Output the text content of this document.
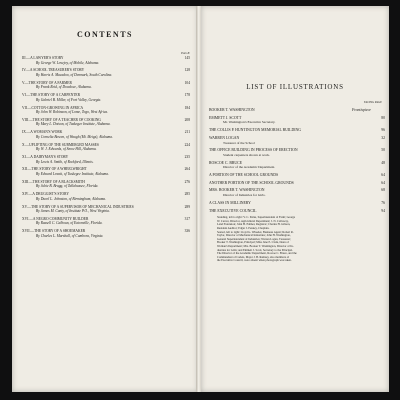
CONTENTS
PAGE
III.—A LAWYER'S STORY	145
By George W. Lovejoy, of Mobile, Alabama.
IV.—A SCHOOL TREASURER'S STORY	128
By Harris A. Macadoo, of Denmark, South Carolina.
V.—THE STORY OF A FARMER	104
By Frank Reid, of Dowdoce, Alabama.
VI.—THE STORY OF A CARPENTER	178
By Gabriel B. Miller, of Fort Valley, Georgia.
VII.—COTTON-GROWING IN AFRICA	184
By John W. Robinson, of Lome, Togo, West Africa.
VIII.—THE STORY OF A TEACHER OF COOKING	208
By Mary L. Dotson, of Tuskegee Institute, Alabama.
IX.—A WOMAN'S WORK	211
By Cornelia Bowen, of Waugh (Mt. Meigs), Alabama.
X.—UPLIFTING OF THE SUBMERGED MASSES	224
By W. J. Edwards, of Snow Hill, Alabama.
XI.—A DAIRYMAN'S STORY	235
By Lewis A. Smith, of Rockford, Illinois.
XII.—THE STORY OF A WHEELWRIGHT	264
By Edward Lovatt, of Tuskegee Institute, Alabama.
XIII.—THE STORY OF A BLACKSMITH	276
By Jubie B. Bragg, of Tallahassee, Florida.
XIV.—A DRUGGIST'S STORY	285
By Duvel L. Johnston, of Birmingham, Alabama.
XV.—THE STORY OF A SUPERVISOR OF MECHANICAL INDUSTRIES	289
By James M. Canty, of Institute P.O., West Virginia.
XVI.—A NEGRO COMMUNITY BUILDER	317
By Russell C. Calhoun, of Eatonville, Florida.
XVII.—THE STORY OF A SHOEMAKER	336
By Charles L. Marshall, of Cambora, Virginia.
LIST OF ILLUSTRATIONS
FACING PAGE
BOOKER T. WASHINGTON	Frontispiece
EMMETT J. SCOTT	80
Mr. Washington's Executive Secretary.
THE COLLIS P. HUNTINGTON MEMORIAL BUILDING	96
WARREN LOGAN	32
Treasurer of the School
THE OFFICE BUILDING IN PROCESS OF ERECTION	50
Student carpenters shown at work.
ROSCOE C. BRUCE	48
Director of the Academic Department.
A PORTION OF THE SCHOOL GROUNDS	64
ANOTHER PORTION OF THE SCHOOL GROUNDS	64
MRS. BOOKER T. WASHINGTON	68
Director of Industries for Girls.
A CLASS IN MILLINERY	76
THE EXECUTIVE COUNCIL	94
Standing, left to right: V. C. Perks, Superintendent of Farm; George
W. Carver, Director, Agricultural Department; J. N. Calloway,
Land Extension; John H. Palmer, Registrar; Charles H. Gibson,
Resident Auditor; Edgar J. Penney, Chaplain.
Seated, left to right: Lloyd G. Wheeler, Business Agent; Robert R.
Taylor, Director of Mechanical Industries; John H. Washington,
General Superintendent of Industries; Warren Logan, Treasurer;
Booker T. Washington, Principal; Miss Jane E. Clark, Dean of
Woman's Department; Mrs. Booker T. Washington, Director of In-
dustries for Girls; and Emmett J. Scott, Secretary to the Principal.
The Director of the Academic Department, Roscoe C. Bruce, and the
Commandant of Cadets, Major J. B. Ramsey, also members of
the Executive Council, were absent when photograph was taken.
